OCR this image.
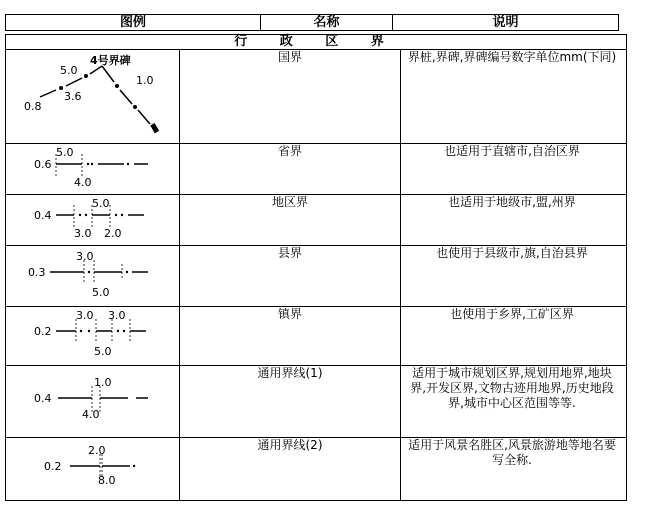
图例	名称	说明
行 政 区 界
5.0
4号界碑
1.0
3.6
0.8
国界	界桩,界碑,界碑编号数字单位mm(下同)
5.0
0.6
4.0
省界	也适用于直辖市,自治区界
5.0
0.4
3.0 2.0
地区界	也适用于地级市,盟,州界
3.0
0.3
5.0
县界	也使用于县级市,旗,自治县界
3.0 3.0
0.2
5.0
镇界	也使用于乡界,工矿区界
1.0
0.4
4.0
通用界线(1)	适用于城市规划区界,规划用地界,地块界,开发区界,文物古迹用地界,历史地段界,城市中心区范围等等.
2.0
0.2
8.0
通用界线(2)	适用于风景名胜区,风景旅游地等地名要写全称.
